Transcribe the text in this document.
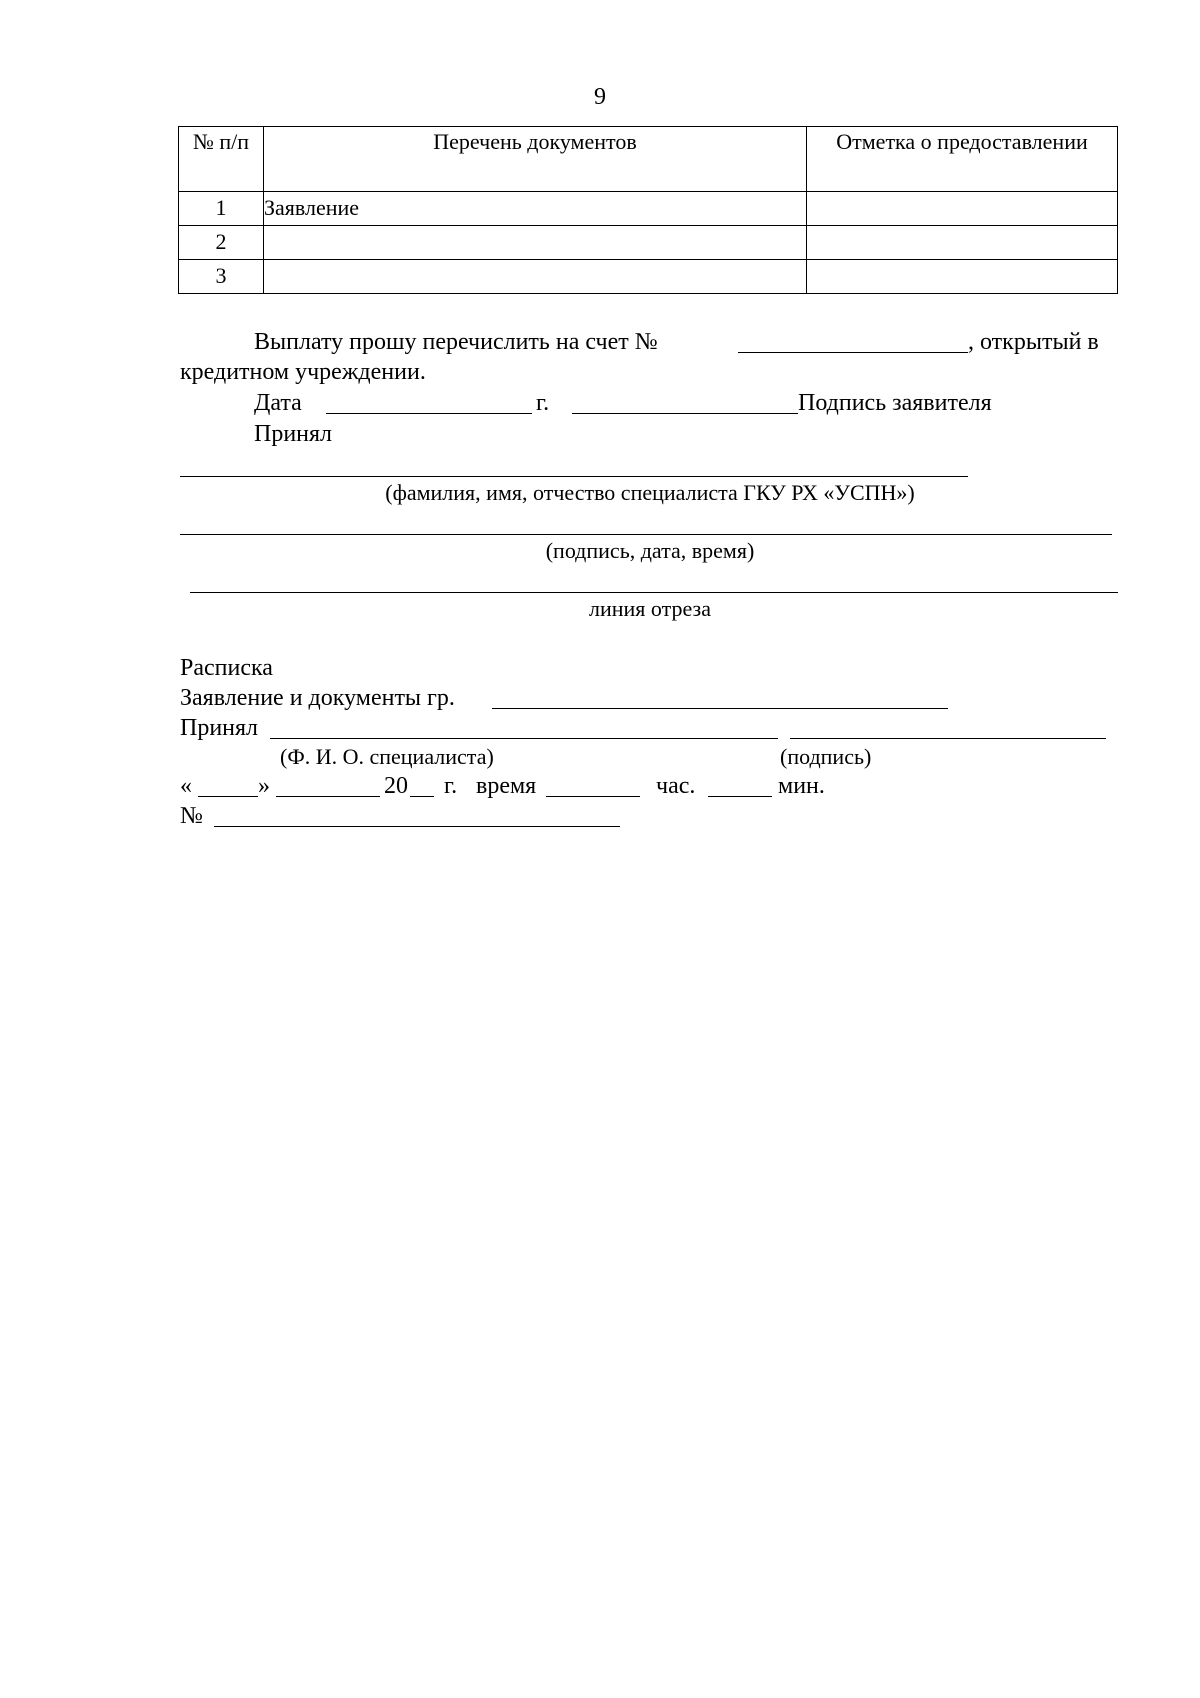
9
№ п/п	Перечень документов	Отметка о предоставлении
1	Заявление	
2		
3		
Выплату прошу перечислить на счет №	, открытый в
кредитном учреждении.
Дата	г.	Подпись заявителя
Принял
(фамилия, имя, отчество специалиста ГКУ РХ «УСПН»)
(подпись, дата, время)
линия отреза
Расписка
Заявление и документы гр.
Принял
(Ф. И. О. специалиста)	(подпись)
«	»	20 г. время	час.	мин.
№
